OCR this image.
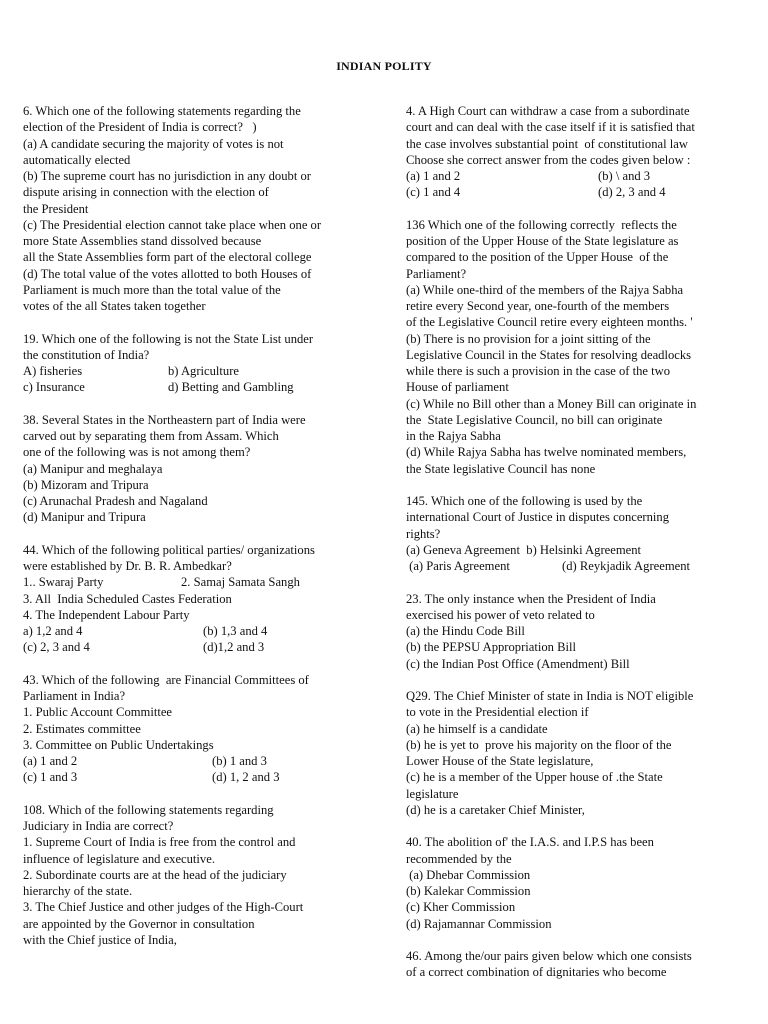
INDIAN POLITY
6. Which one of the following statements regarding the
election of the President of India is correct?   )
(a) A candidate securing the majority of votes is not
automatically elected
(b) The supreme court has no jurisdiction in any doubt or
dispute arising in connection with the election of
the President
(c) The Presidential election cannot take place when one or
more State Assemblies stand dissolved because
all the State Assemblies form part of the electoral college
(d) The total value of the votes allotted to both Houses of
Parliament is much more than the total value of the
votes of the all States taken together
19. Which one of the following is not the State List under
the constitution of India?
A) fisheries	b) Agriculture
c) Insurance	d) Betting and Gambling
38. Several States in the Northeastern part of India were
carved out by separating them from Assam. Which
one of the following was is not among them?
(a) Manipur and meghalaya
(b) Mizoram and Tripura
(c) Arunachal Pradesh and Nagaland
(d) Manipur and Tripura
44. Which of the following political parties/ organizations
were established by Dr. B. R. Ambedkar?
1.. Swaraj Party	2. Samaj Samata Sangh
3. All  India Scheduled Castes Federation
4. The Independent Labour Party
a) 1,2 and 4	(b) 1,3 and 4
(c) 2, 3 and 4	(d)1,2 and 3
43. Which of the following  are Financial Committees of
Parliament in India?
1. Public Account Committee
2. Estimates committee
3. Committee on Public Undertakings
(a) 1 and 2	(b) 1 and 3
(c) 1 and 3	(d) 1, 2 and 3
108. Which of the following statements regarding
Judiciary in India are correct?
1. Supreme Court of India is free from the control and
influence of legislature and executive.
2. Subordinate courts are at the head of the judiciary
hierarchy of the state.
3. The Chief Justice and other judges of the High-Court
are appointed by the Governor in consultation
with the Chief justice of India,
4. A High Court can withdraw a case from a subordinate
court and can deal with the case itself if it is satisfied that
the case involves substantial point  of constitutional law
Choose she correct answer from the codes given below :
(a) 1 and 2	(b) \ and 3
(c) 1 and 4	(d) 2, 3 and 4
136 Which one of the following correctly  reflects the
position of the Upper House of the State legislature as
compared to the position of the Upper House  of the
Parliament?
(a) While one-third of the members of the Rajya Sabha
retire every Second year, one-fourth of the members
of the Legislative Council retire every eighteen months. '
(b) There is no provision for a joint sitting of the
Legislative Council in the States for resolving deadlocks
while there is such a provision in the case of the two
House of parliament
(c) While no Bill other than a Money Bill can originate in
the  State Legislative Council, no bill can originate
in the Rajya Sabha
(d) While Rajya Sabha has twelve nominated members,
the State legislative Council has none
145. Which one of the following is used by the
international Court of Justice in disputes concerning
rights?
(a) Geneva Agreement  b) Helsinki Agreement
(a) Paris Agreement	(d) Reykjadik Agreement
23. The only instance when the President of India
exercised his power of veto related to
(a) the Hindu Code Bill
(b) the PEPSU Appropriation Bill
(c) the Indian Post Office (Amendment) Bill
Q29. The Chief Minister of state in India is NOT eligible
to vote in the Presidential election if
(a) he himself is a candidate
(b) he is yet to  prove his majority on the floor of the
Lower House of the State legislature,
(c) he is a member of the Upper house of .the State
legislature
(d) he is a caretaker Chief Minister,
40. The abolition of' the I.A.S. and I.P.S has been
recommended by the
(a) Dhebar Commission
(b) Kalekar Commission
(c) Kher Commission
(d) Rajamannar Commission
46. Among the/our pairs given below which one consists
of a correct combination of dignitaries who become
